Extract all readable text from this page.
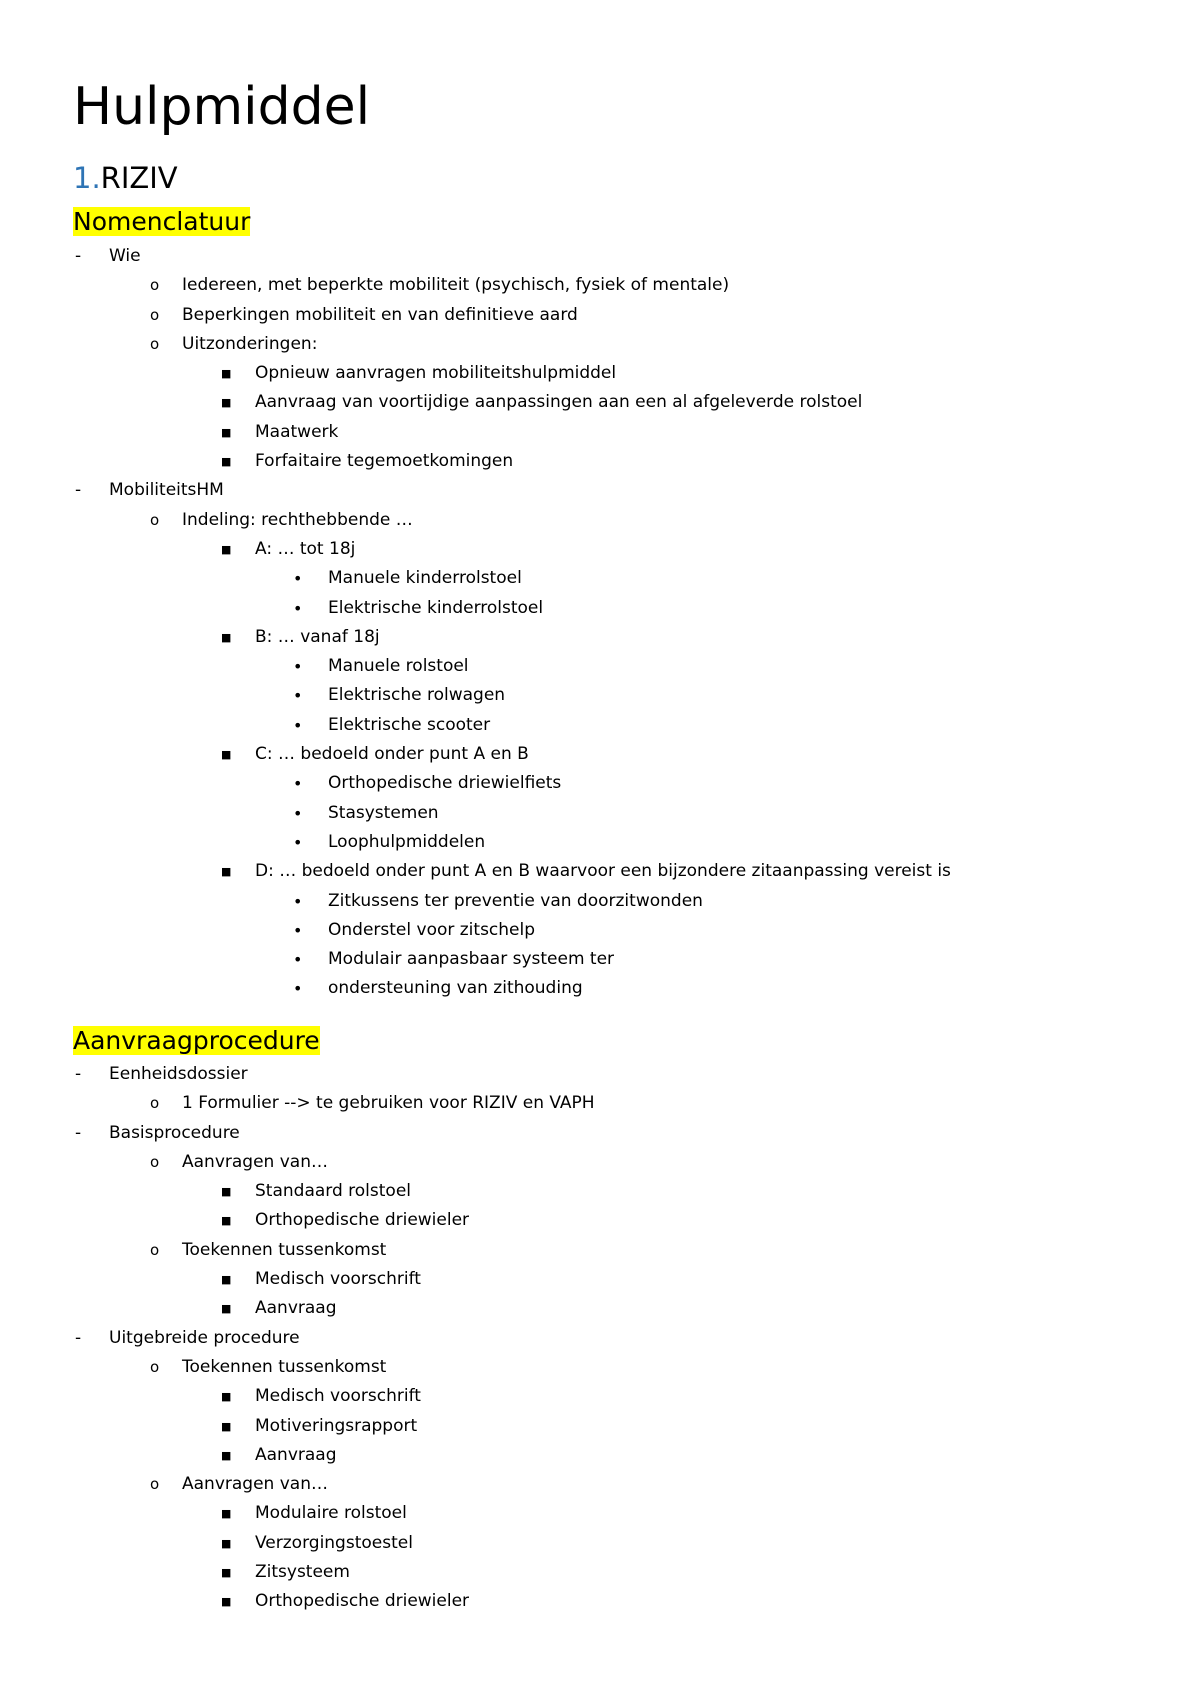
Hulpmiddel
1.RIZIV
Nomenclatuur
- Wie
o Iedereen, met beperkte mobiliteit (psychisch, fysiek of mentale)
o Beperkingen mobiliteit en van definitieve aard
o Uitzonderingen:
■ Opnieuw aanvragen mobiliteitshulpmiddel
■ Aanvraag van voortijdige aanpassingen aan een al afgeleverde rolstoel
■ Maatwerk
■ Forfaitaire tegemoetkomingen
- MobiliteitsHM
o Indeling: rechthebbende …
■ A: … tot 18j
• Manuele kinderrolstoel
• Elektrische kinderrolstoel
■ B: … vanaf 18j
• Manuele rolstoel
• Elektrische rolwagen
• Elektrische scooter
■ C: … bedoeld onder punt A en B
• Orthopedische driewielfiets
• Stasystemen
• Loophulpmiddelen
■ D: … bedoeld onder punt A en B waarvoor een bijzondere zitaanpassing vereist is
• Zitkussens ter preventie van doorzitwonden
• Onderstel voor zitschelp
• Modulair aanpasbaar systeem ter
• ondersteuning van zithouding
Aanvraagprocedure
- Eenheidsdossier
o 1 Formulier --> te gebruiken voor RIZIV en VAPH
- Basisprocedure
o Aanvragen van…
■ Standaard rolstoel
■ Orthopedische driewieler
o Toekennen tussenkomst
■ Medisch voorschrift
■ Aanvraag
- Uitgebreide procedure
o Toekennen tussenkomst
■ Medisch voorschrift
■ Motiveringsrapport
■ Aanvraag
o Aanvragen van…
■ Modulaire rolstoel
■ Verzorgingstoestel
■ Zitsysteem
■ Orthopedische driewieler
